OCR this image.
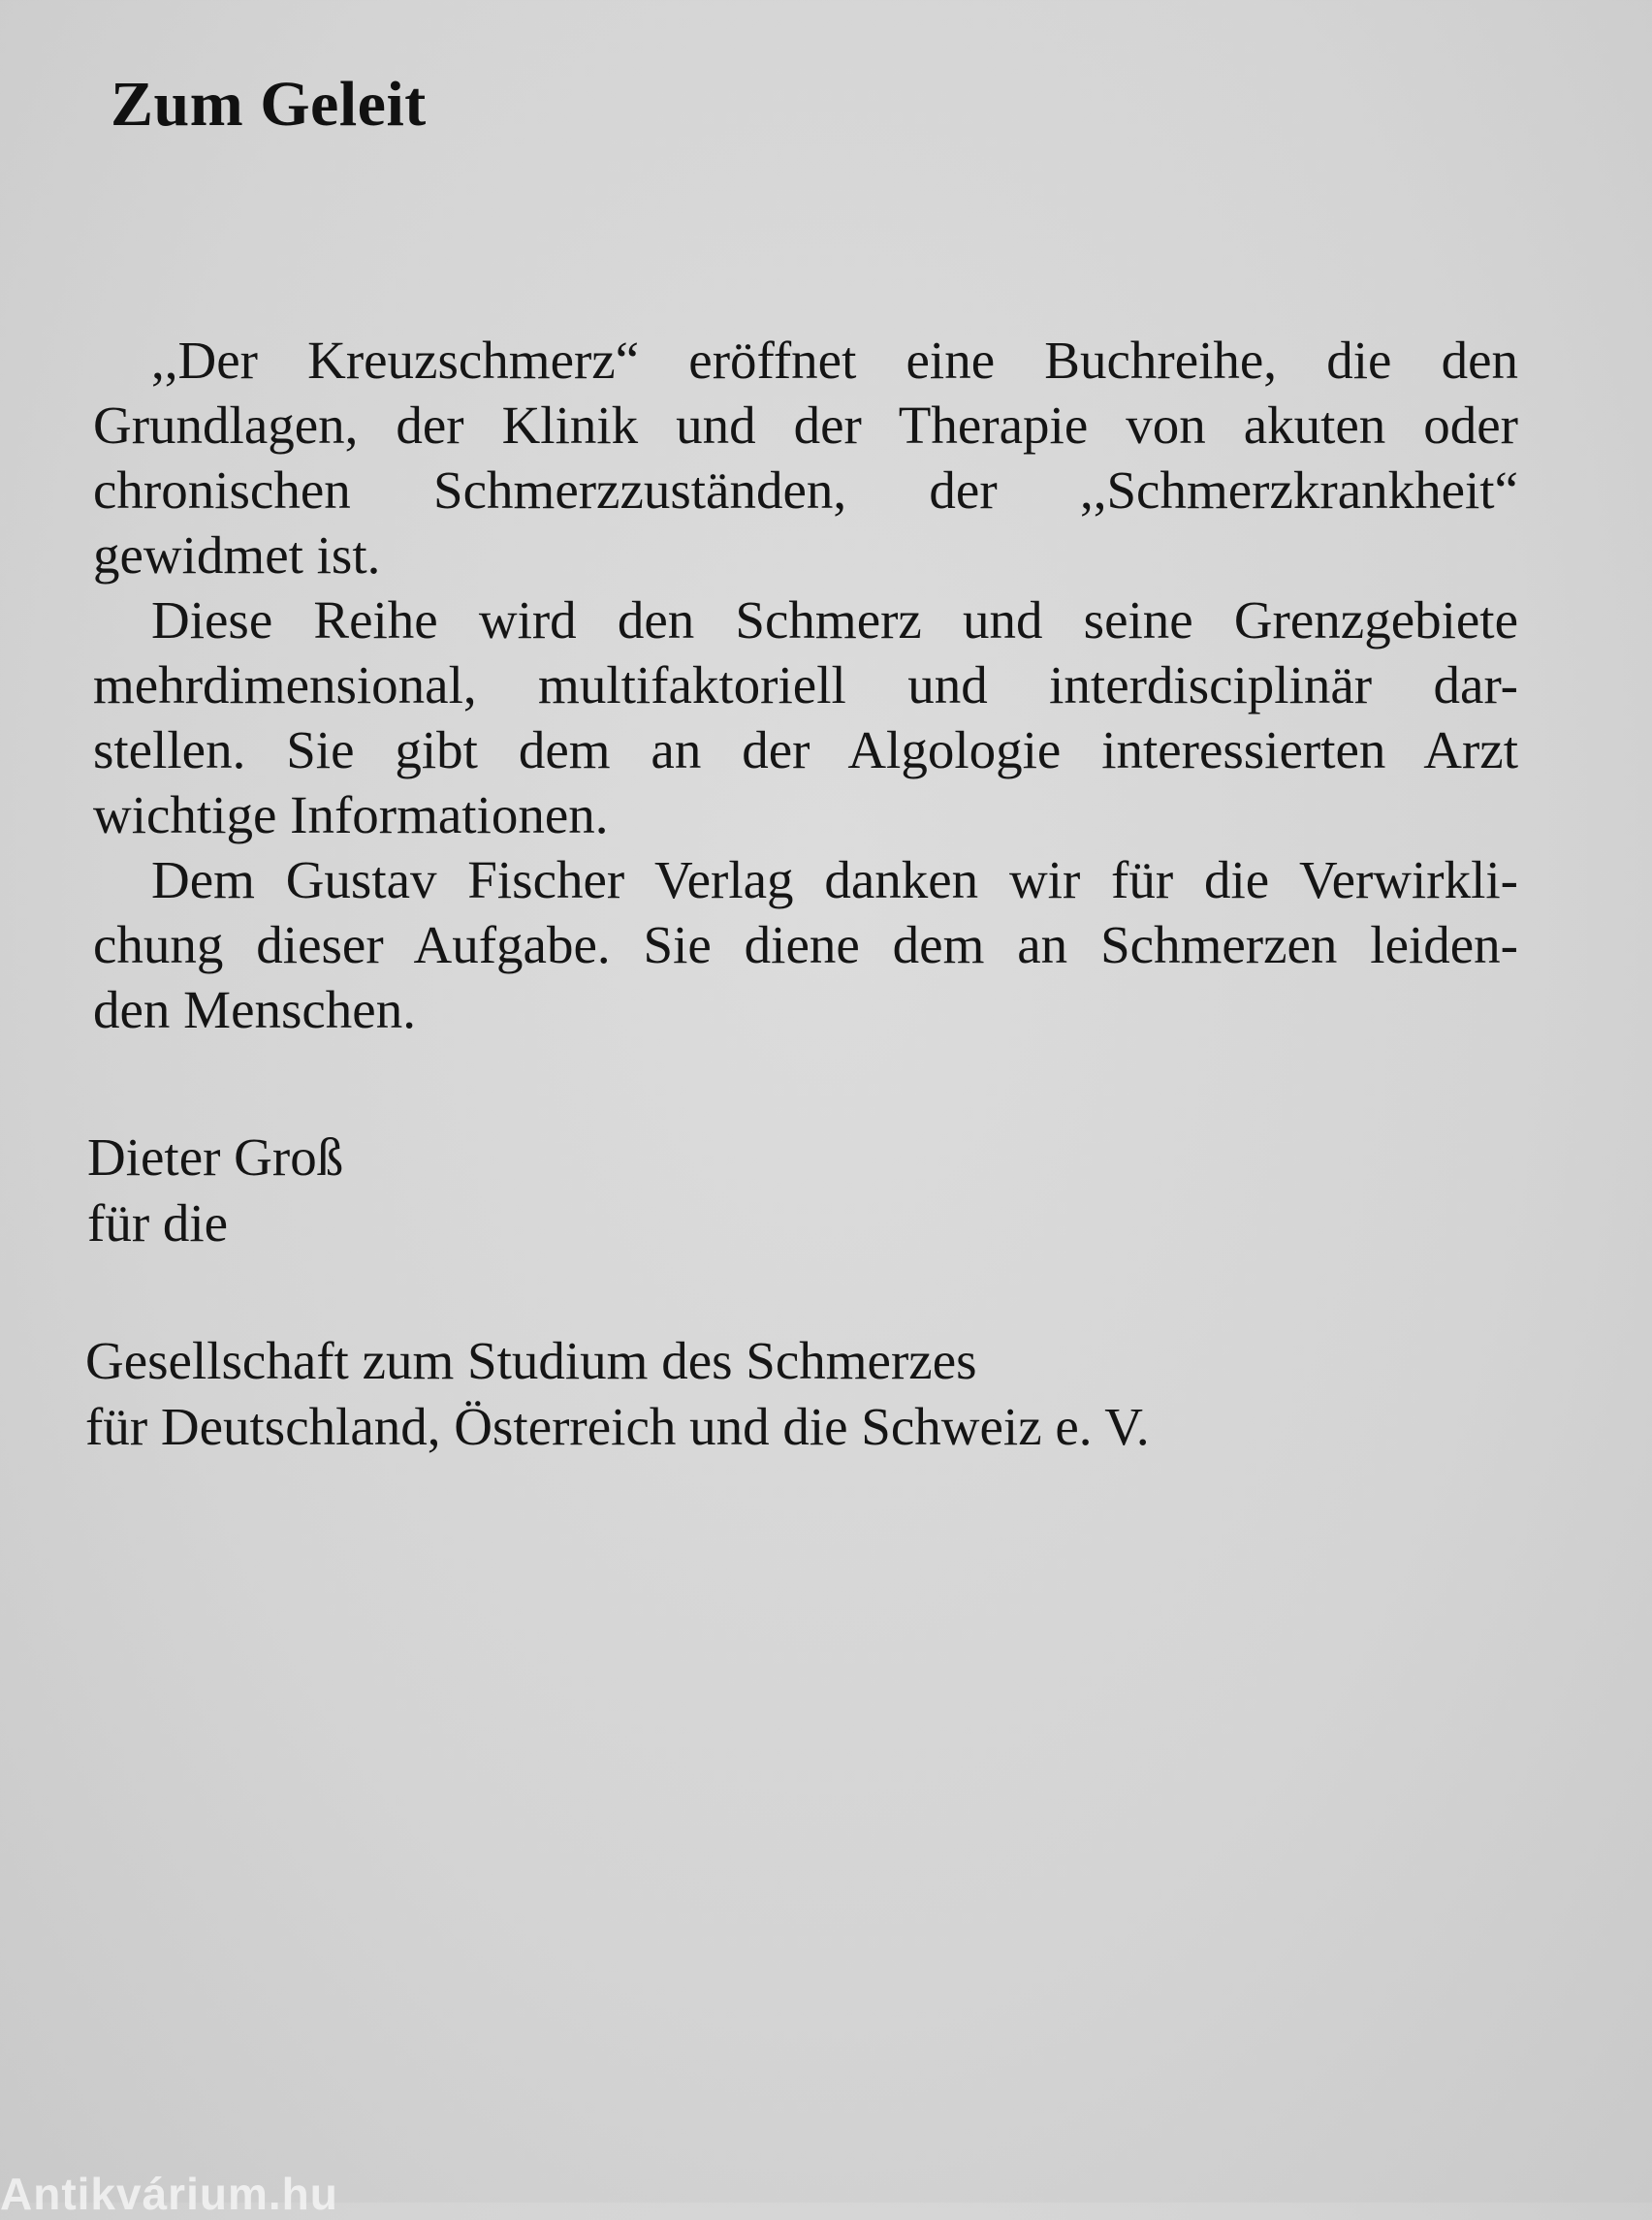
Zum Geleit
,,Der Kreuzschmerz“ eröffnet eine Buchreihe, die den
Grundlagen, der Klinik und der Therapie von akuten oder
chronischen Schmerzzuständen, der ,,Schmerzkrankheit“
gewidmet ist.
Diese Reihe wird den Schmerz und seine Grenzgebiete
mehrdimensional, multifaktoriell und interdisciplinär dar-
stellen. Sie gibt dem an der Algologie interessierten Arzt
wichtige Informationen.
Dem Gustav Fischer Verlag danken wir für die Verwirkli-
chung dieser Aufgabe. Sie diene dem an Schmerzen leiden-
den Menschen.
Dieter Groß
für die
Gesellschaft zum Studium des Schmerzes
für Deutschland, Österreich und die Schweiz e. V.
Antikvárium.hu
